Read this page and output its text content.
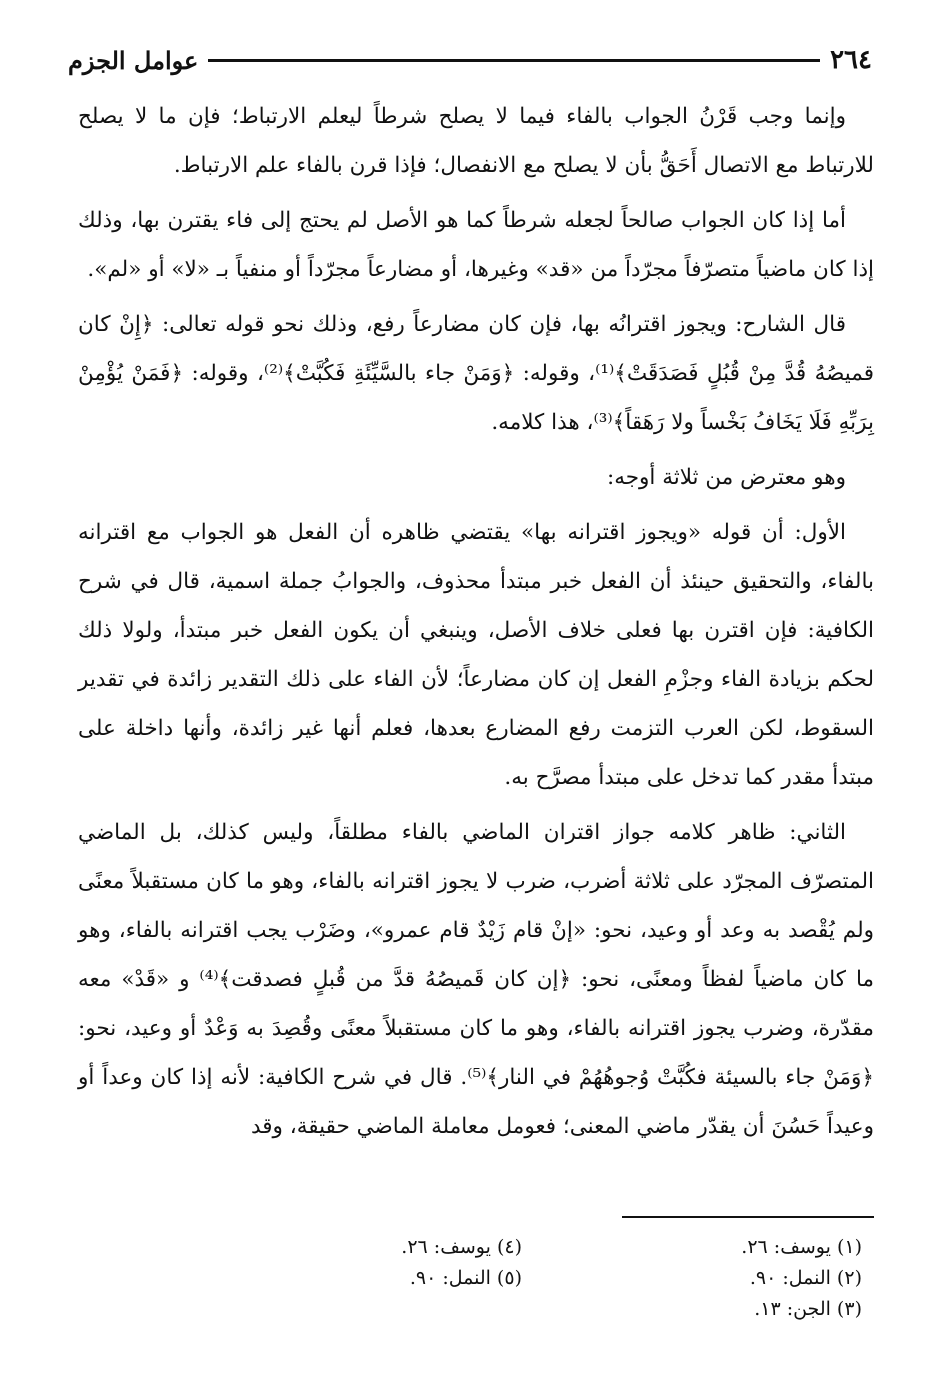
٢٦٤
عوامل الجزم

وإنما وجب قَرْنُ الجواب بالفاء فيما لا يصلح شرطاً ليعلم الارتباط؛ فإن ما لا يصلح للارتباط مع الاتصال أَحَقُّ بأن لا يصلح مع الانفصال؛ فإذا قرن بالفاء علم الارتباط.

أما إذا كان الجواب صالحاً لجعله شرطاً كما هو الأصل لم يحتج إلى فاء يقترن بها، وذلك إذا كان ماضياً متصرّفاً مجرّداً من «قد» وغيرها، أو مضارعاً مجرّداً أو منفياً بـ «لا» أو «لم».

قال الشارح: ويجوز اقترانُه بها، فإن كان مضارعاً رفع، وذلك نحو قوله تعالى: ﴿إِنْ كان قميصُهُ قُدَّ مِنْ قُبُلٍ فَصَدَقَتْ﴾⁽¹⁾، وقوله: ﴿وَمَنْ جاء بالسَّيِّئَةِ فَكُبَّتْ﴾⁽²⁾، وقوله: ﴿فَمَنْ يُؤْمِنْ بِرَبِّهِ فَلَا يَخَافُ بَخْساً ولا رَهَقاً﴾⁽³⁾، هذا كلامه.

وهو معترض من ثلاثة أوجه:

الأول: أن قوله «ويجوز اقترانه بها» يقتضي ظاهره أن الفعل هو الجواب مع اقترانه بالفاء، والتحقيق حينئذ أن الفعل خبر مبتدأ محذوف، والجوابُ جملة اسمية، قال في شرح الكافية: فإن اقترن بها فعلى خلاف الأصل، وينبغي أن يكون الفعل خبر مبتدأ، ولولا ذلك لحكم بزيادة الفاء وجزْمِ الفعل إن كان مضارعاً؛ لأن الفاء على ذلك التقدير زائدة في تقدير السقوط، لكن العرب التزمت رفع المضارع بعدها، فعلم أنها غير زائدة، وأنها داخلة على مبتدأ مقدر كما تدخل على مبتدأ مصرَّح به.

الثاني: ظاهر كلامه جواز اقتران الماضي بالفاء مطلقاً، وليس كذلك، بل الماضي المتصرّف المجرّد على ثلاثة أضرب، ضرب لا يجوز اقترانه بالفاء، وهو ما كان مستقبلاً معنًى ولم يُقْصد به وعد أو وعيد، نحو: «إنْ قام زَيْدٌ قام عمرو»، وضَرْب يجب اقترانه بالفاء، وهو ما كان ماضياً لفظاً ومعنًى، نحو: ﴿إن كان قَميصُهُ قدَّ من قُبلٍ فصدقت﴾⁽⁴⁾ و «قَدْ» معه مقدّرة، وضرب يجوز اقترانه بالفاء، وهو ما كان مستقبلاً معنًى وقُصِدَ به وَعْدٌ أو وعيد، نحو: ﴿وَمَنْ جاء بالسيئة فكُبَّتْ وُجوهُهُمْ في النار﴾⁽⁵⁾. قال في شرح الكافية: لأنه إذا كان وعداً أو وعيداً حَسُنَ أن يقدّر ماضي المعنى؛ فعومل معاملة الماضي حقيقة، وقد

(١) يوسف: ٢٦.
(٢) النمل: ٩٠.
(٣) الجن: ١٣.
(٤) يوسف: ٢٦.
(٥) النمل: ٩٠.
